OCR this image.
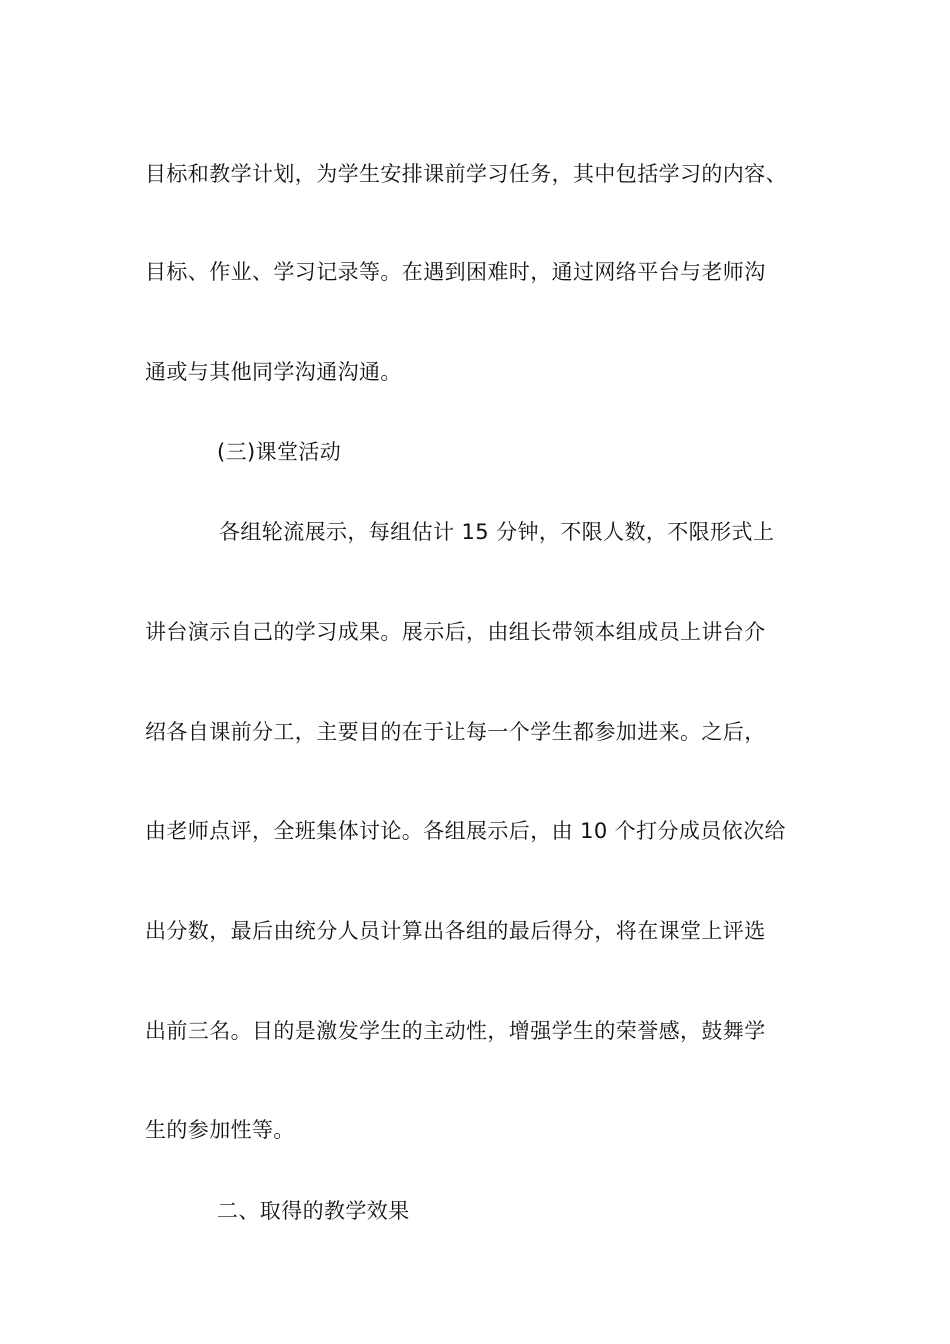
目标和教学计划，为学生安排课前学习任务，其中包括学习的内容、

目标、作业、学习记录等。在遇到困难时，通过网络平台与老师沟

通或与其他同学沟通沟通。

(三)课堂活动

各组轮流展示，每组估计 15 分钟，不限人数，不限形式上

讲台演示自己的学习成果。展示后，由组长带领本组成员上讲台介

绍各自课前分工，主要目的在于让每一个学生都参加进来。之后，

由老师点评，全班集体讨论。各组展示后，由 10 个打分成员依次给

出分数，最后由统分人员计算出各组的最后得分，将在课堂上评选

出前三名。目的是激发学生的主动性，增强学生的荣誉感，鼓舞学

生的参加性等。

二、取得的教学效果
